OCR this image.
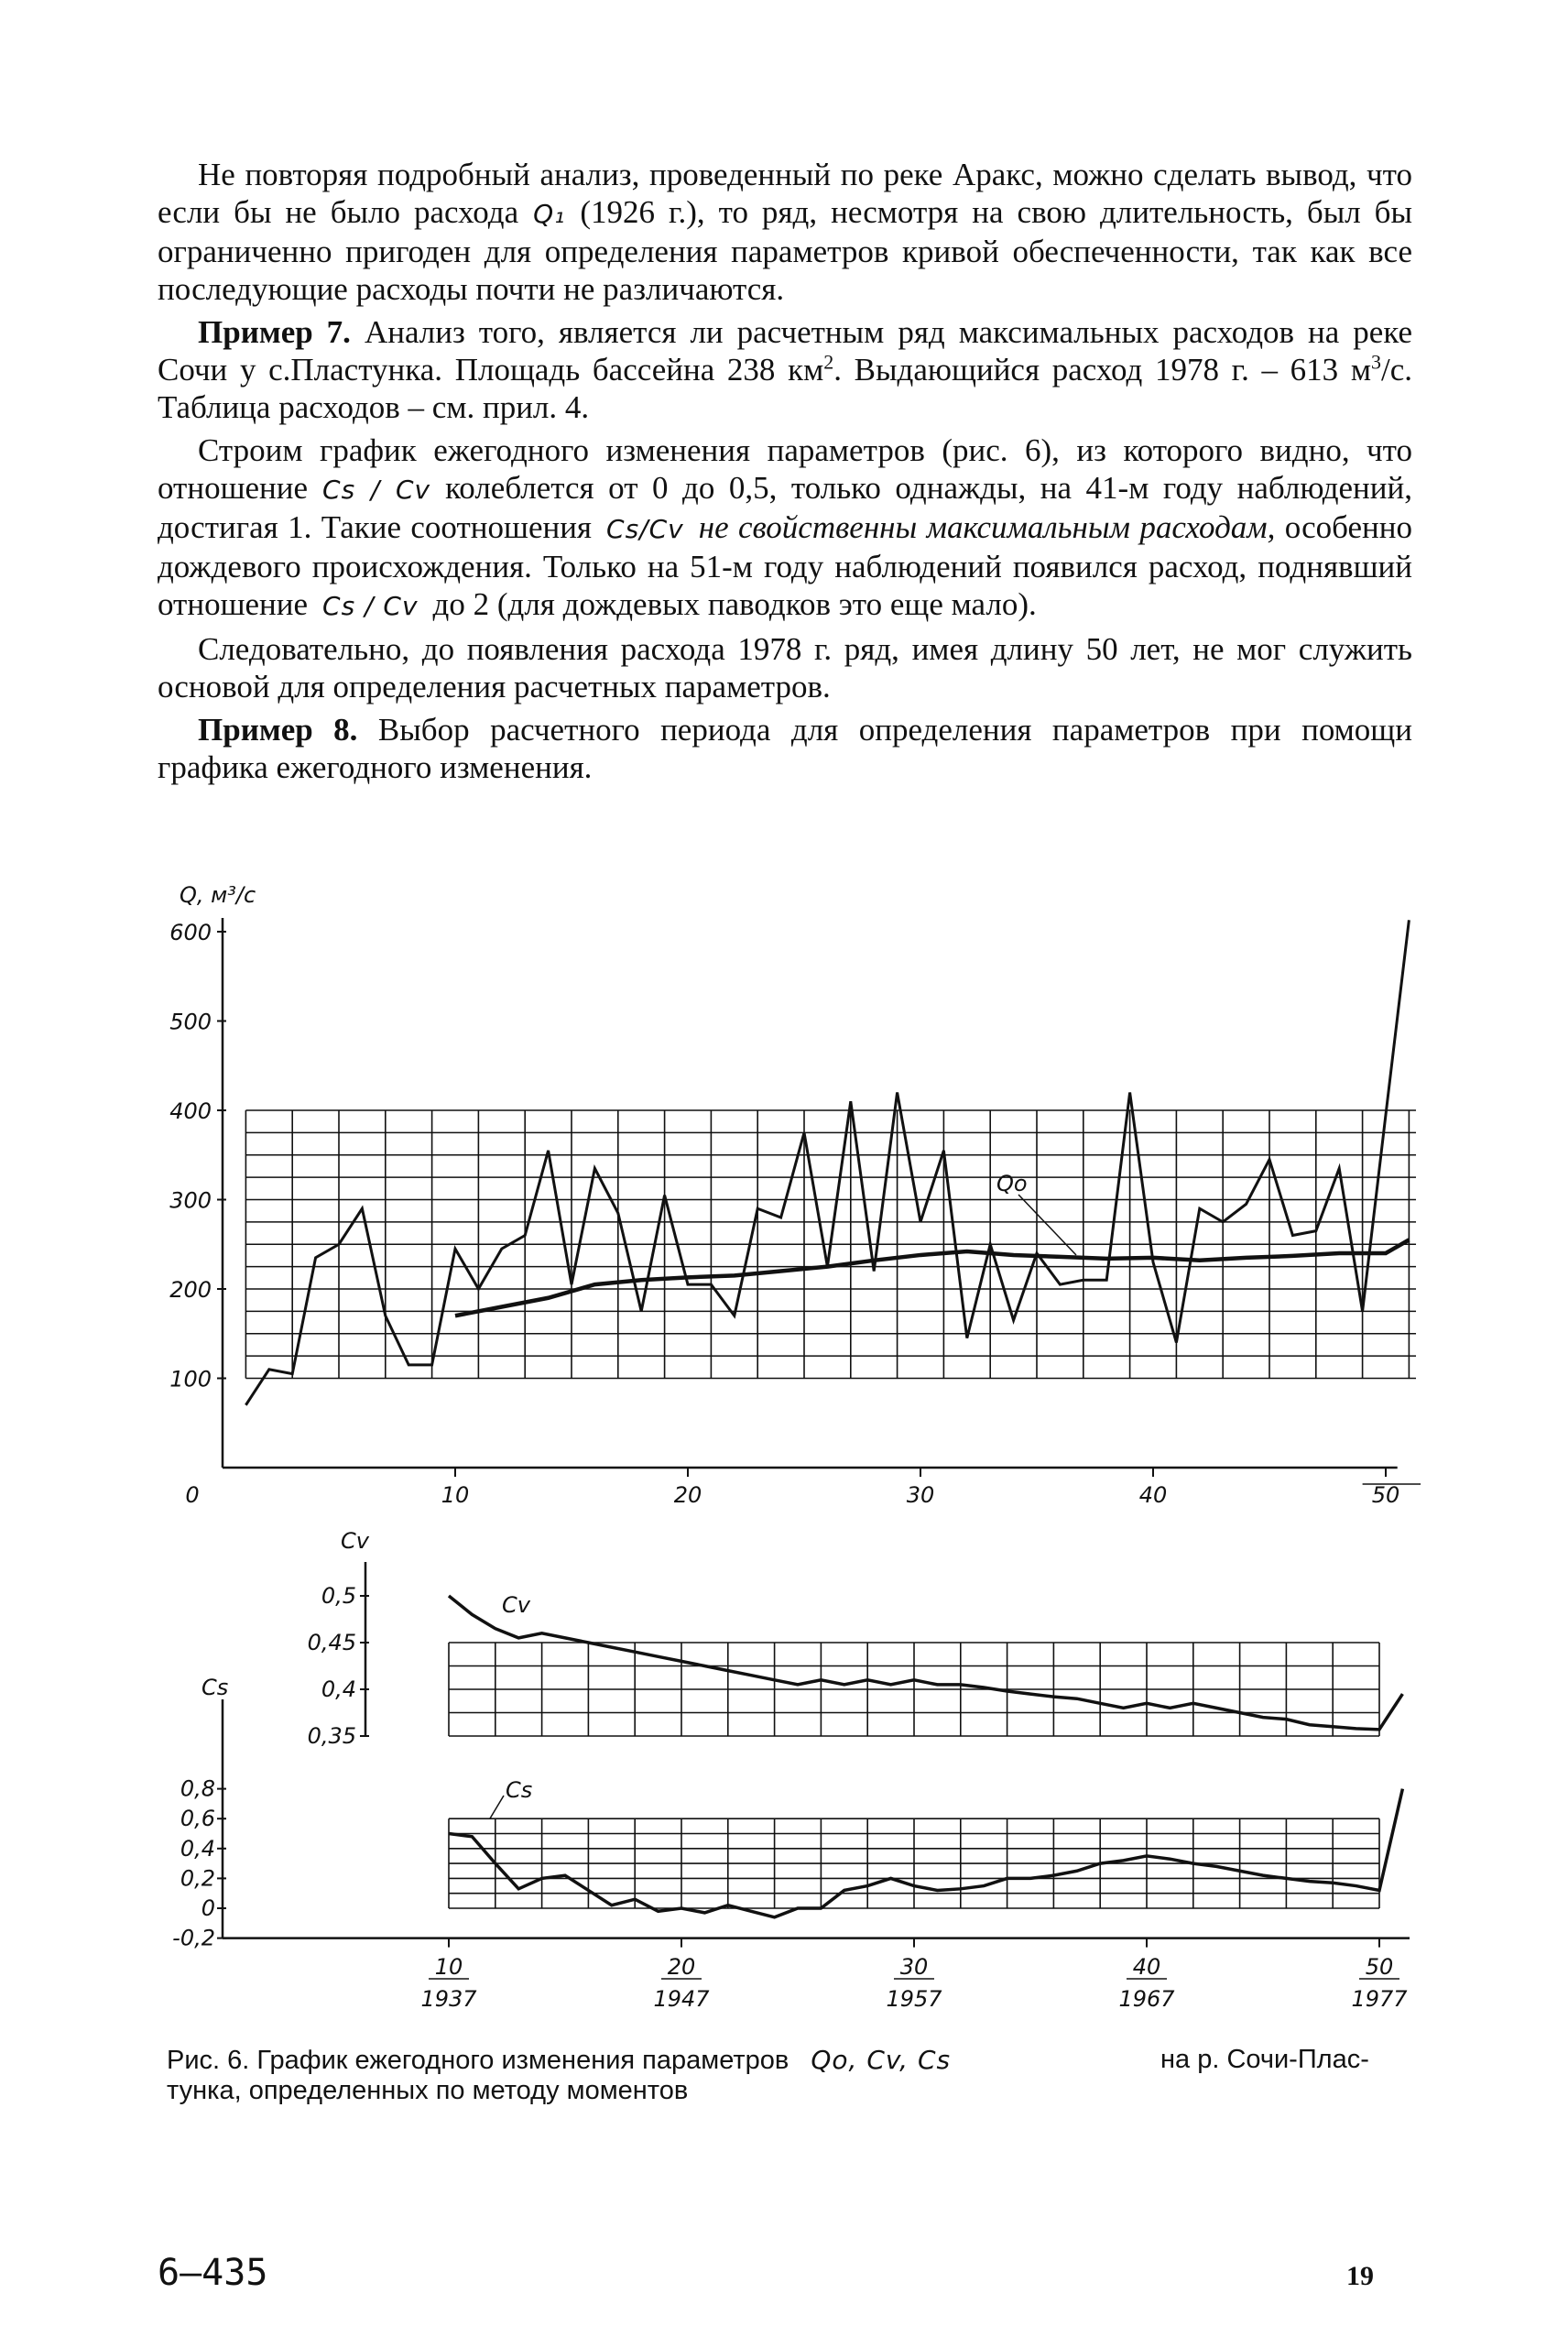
Не повторяя подробный анализ, проведенный по реке Аракс, можно сделать вывод, что если бы не было расхода Q₁ (1926 г.), то ряд, несмотря на свою длительность, был бы ограниченно пригоден для определения параметров кривой обеспеченности, так как все последующие расходы почти не различаются.

Пример 7. Анализ того, является ли расчетным ряд максимальных расходов на реке Сочи у с.Пластунка. Площадь бассейна 238 $км^2$. Выдающийся расход 1978 г. – 613 $м^3/с$. Таблица расходов – см. прил. 4.

Строим график ежегодного изменения параметров (рис. 6), из которого видно, что отношение Cs / Cv колеблется от 0 до 0,5, только однажды, на 41-м году наблюдений, достигая 1. Такие соотношения Cs/Cv не свойственны максимальным расходам, особенно дождевого происхождения. Только на 51-м году наблюдений появился расход, поднявший отношение Cs / Cv до 2 (для дождевых паводков это еще мало).

Следовательно, до появления расхода 1978 г. ряд, имея длину 50 лет, не мог служить основой для определения расчетных параметров.

Пример 8. Выбор расчетного периода для определения параметров при помощи графика ежегодного изменения.

100
200
300
400
500
600
Q, м³/с
0	10	20	30	40	50
Qo
Cv
0,5
0,45
0,4
0,35
Cs
0,8
0,6
0,4
0,2
0
-0,2
10
1937
20
1947
30
1957
40
1967
50
1977
Cv
Cs
Рис. 6. График ежегодного изменения параметров Qo, Cv, Cs	на р. Сочи-Плас-
тунка, определенных по методу моментов
6–435	19
